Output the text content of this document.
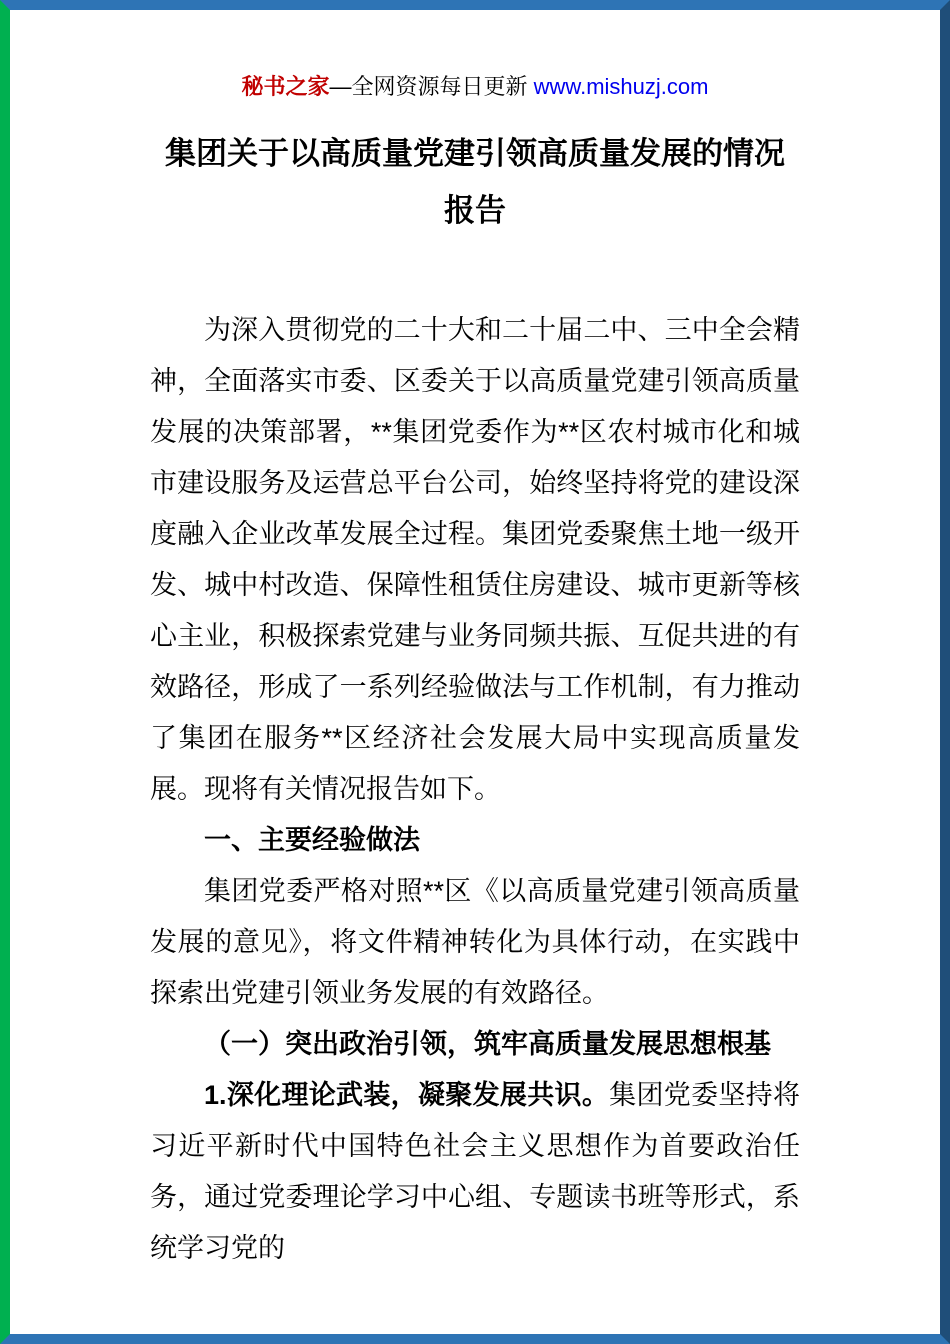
秘书之家—全网资源每日更新 www.mishuzj.com
集团关于以高质量党建引领高质量发展的情况报告

为深入贯彻党的二十大和二十届二中、三中全会精神，全面落实市委、区委关于以高质量党建引领高质量发展的决策部署，**集团党委作为**区农村城市化和城市建设服务及运营总平台公司，始终坚持将党的建设深度融入企业改革发展全过程。集团党委聚焦土地一级开发、城中村改造、保障性租赁住房建设、城市更新等核心主业，积极探索党建与业务同频共振、互促共进的有效路径，形成了一系列经验做法与工作机制，有力推动了集团在服务**区经济社会发展大局中实现高质量发展。现将有关情况报告如下。

一、主要经验做法

集团党委严格对照**区《以高质量党建引领高质量发展的意见》，将文件精神转化为具体行动，在实践中探索出党建引领业务发展的有效路径。

（一）突出政治引领，筑牢高质量发展思想根基

1.深化理论武装，凝聚发展共识。集团党委坚持将习近平新时代中国特色社会主义思想作为首要政治任务，通过党委理论学习中心组、专题读书班等形式，系统学习党的
